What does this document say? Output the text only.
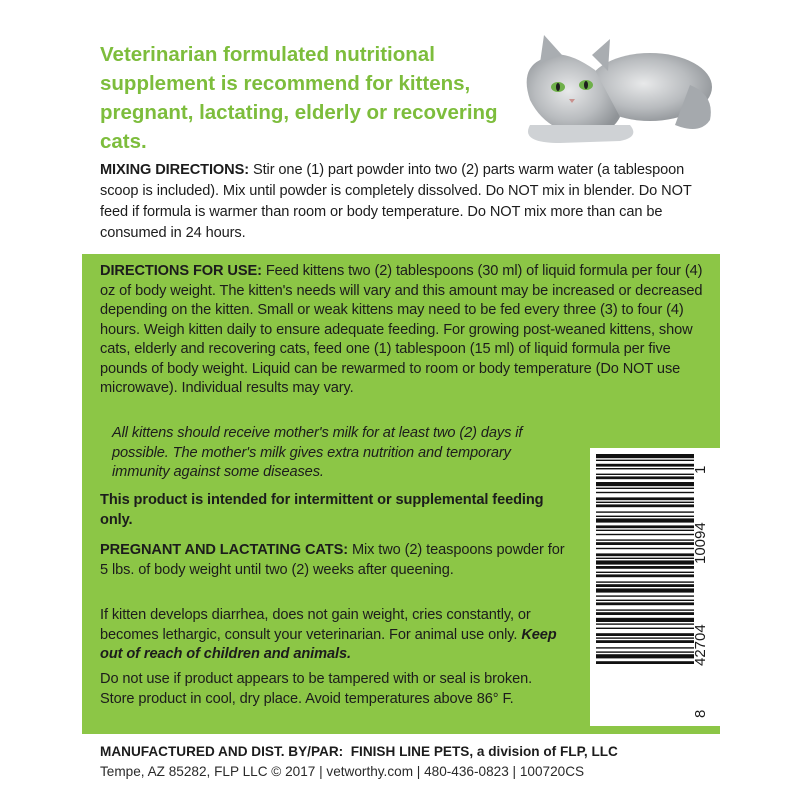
Veterinarian formulated nutritional supplement is recommend for kittens, pregnant, lactating, elderly or recovering cats.

MIXING DIRECTIONS: Stir one (1) part powder into two (2) parts warm water (a tablespoon scoop is included). Mix until powder is completely dissolved. Do NOT mix in blender. Do NOT feed if formula is warmer than room or body temperature. Do NOT mix more than can be consumed in 24 hours.

DIRECTIONS FOR USE: Feed kittens two (2) tablespoons (30 ml) of liquid formula per four (4) oz of body weight. The kitten's needs will vary and this amount may be increased or decreased depending on the kitten. Small or weak kittens may need to be fed every three (3) to four (4) hours. Weigh kitten daily to ensure adequate feeding. For growing post-weaned kittens, show cats, elderly and recovering cats, feed one (1) tablespoon (15 ml) of liquid formula per five pounds of body weight. Liquid can be rewarmed to room or body temperature (Do NOT use microwave). Individual results may vary.

All kittens should receive mother's milk for at least two (2) days if possible. The mother's milk gives extra nutrition and temporary immunity against some diseases.

This product is intended for intermittent or supplemental feeding only.

PREGNANT AND LACTATING CATS: Mix two (2) teaspoons powder for 5 lbs. of body weight until two (2) weeks after queening.

If kitten develops diarrhea, does not gain weight, cries constantly, or becomes lethargic, consult your veterinarian. For animal use only. Keep out of reach of children and animals.

Do not use if product appears to be tampered with or seal is broken. Store product in cool, dry place. Avoid temperatures above 86° F.

8
42704
10094
1
MANUFACTURED AND DIST. BY/PAR: FINISH LINE PETS, a division of FLP, LLC
Tempe, AZ 85282, FLP LLC © 2017 | vetworthy.com | 480-436-0823 | 100720CS
